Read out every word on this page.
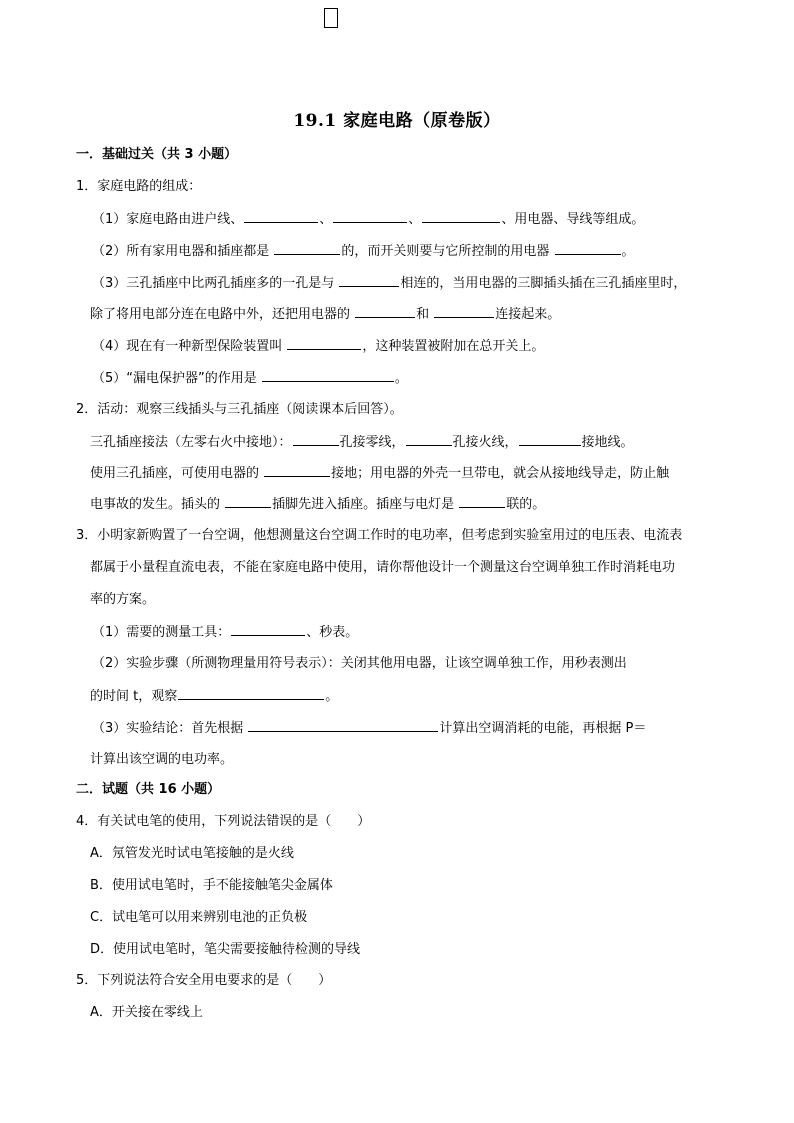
19.1 家庭电路（原卷版）
一．基础过关（共 3 小题）
1．家庭电路的组成：
（1）家庭电路由进户线、	、	、	、用电器、导线等组成。
（2）所有家用电器和插座都是	的，而开关则要与它所控制的用电器	。
（3）三孔插座中比两孔插座多的一孔是与	相连的，当用电器的三脚插头插在三孔插座里时，
除了将用电部分连在电路中外，还把用电器的	和	连接起来。
（4）现在有一种新型保险装置叫	，这种装置被附加在总开关上。
（5）“漏电保护器”的作用是	。
2．活动：观察三线插头与三孔插座（阅读课本后回答）。
三孔插座接法（左零右火中接地）：	孔接零线，	孔接火线，	接地线。
使用三孔插座，可使用电器的	接地；用电器的外壳一旦带电，就会从接地线导走，防止触
电事故的发生。插头的	插脚先进入插座。插座与电灯是	联的。
3．小明家新购置了一台空调，他想测量这台空调工作时的电功率，但考虑到实验室用过的电压表、电流表
都属于小量程直流电表，不能在家庭电路中使用，请你帮他设计一个测量这台空调单独工作时消耗电功
率的方案。
（1）需要的测量工具：	、秒表。
（2）实验步骤（所测物理量用符号表示）：关闭其他用电器，让该空调单独工作，用秒表测出
的时间 t，观察	。
（3）实验结论：首先根据	计算出空调消耗的电能，再根据 P＝
计算出该空调的电功率。
二．试题（共 16 小题）
4．有关试电笔的使用，下列说法错误的是（　　）
A．氖管发光时试电笔接触的是火线
B．使用试电笔时，手不能接触笔尖金属体
C．试电笔可以用来辨别电池的正负极
D．使用试电笔时，笔尖需要接触待检测的导线
5．下列说法符合安全用电要求的是（　　）
A．开关接在零线上
